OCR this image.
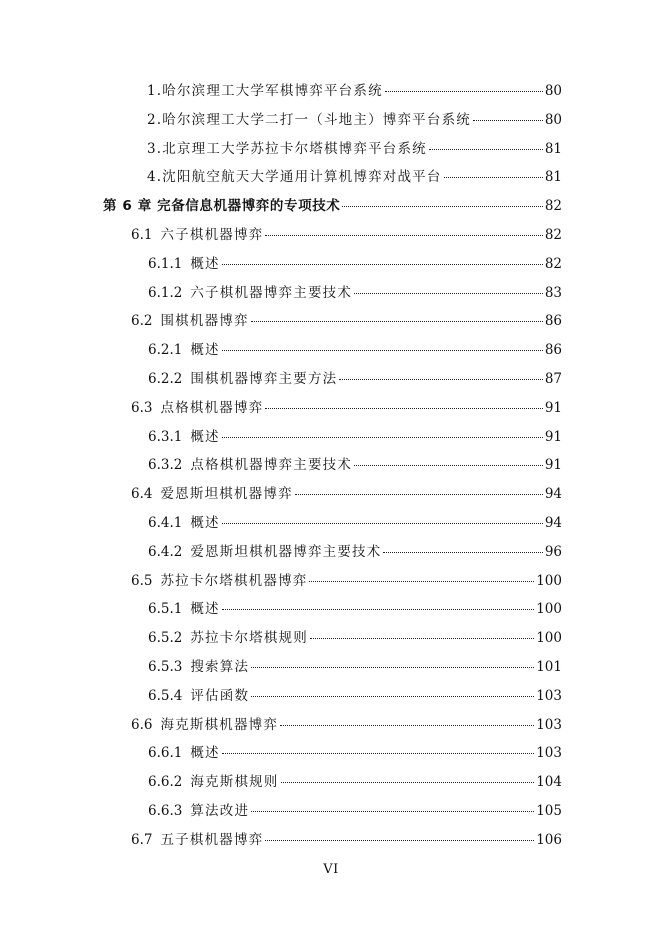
1.哈尔滨理工大学军棋博弈平台系统	80
2.哈尔滨理工大学二打一（斗地主）博弈平台系统	80
3.北京理工大学苏拉卡尔塔棋博弈平台系统	81
4.沈阳航空航天大学通用计算机博弈对战平台	81
第 6 章 完备信息机器博弈的专项技术	82
6.1 六子棋机器博弈	82
6.1.1 概述	82
6.1.2 六子棋机器博弈主要技术	83
6.2 围棋机器博弈	86
6.2.1 概述	86
6.2.2 围棋机器博弈主要方法	87
6.3 点格棋机器博弈	91
6.3.1 概述	91
6.3.2 点格棋机器博弈主要技术	91
6.4 爱恩斯坦棋机器博弈	94
6.4.1 概述	94
6.4.2 爱恩斯坦棋机器博弈主要技术	96
6.5 苏拉卡尔塔棋机器博弈	100
6.5.1 概述	100
6.5.2 苏拉卡尔塔棋规则	100
6.5.3 搜索算法	101
6.5.4 评估函数	103
6.6 海克斯棋机器博弈	103
6.6.1 概述	103
6.6.2 海克斯棋规则	104
6.6.3 算法改进	105
6.7 五子棋机器博弈	106
VI
